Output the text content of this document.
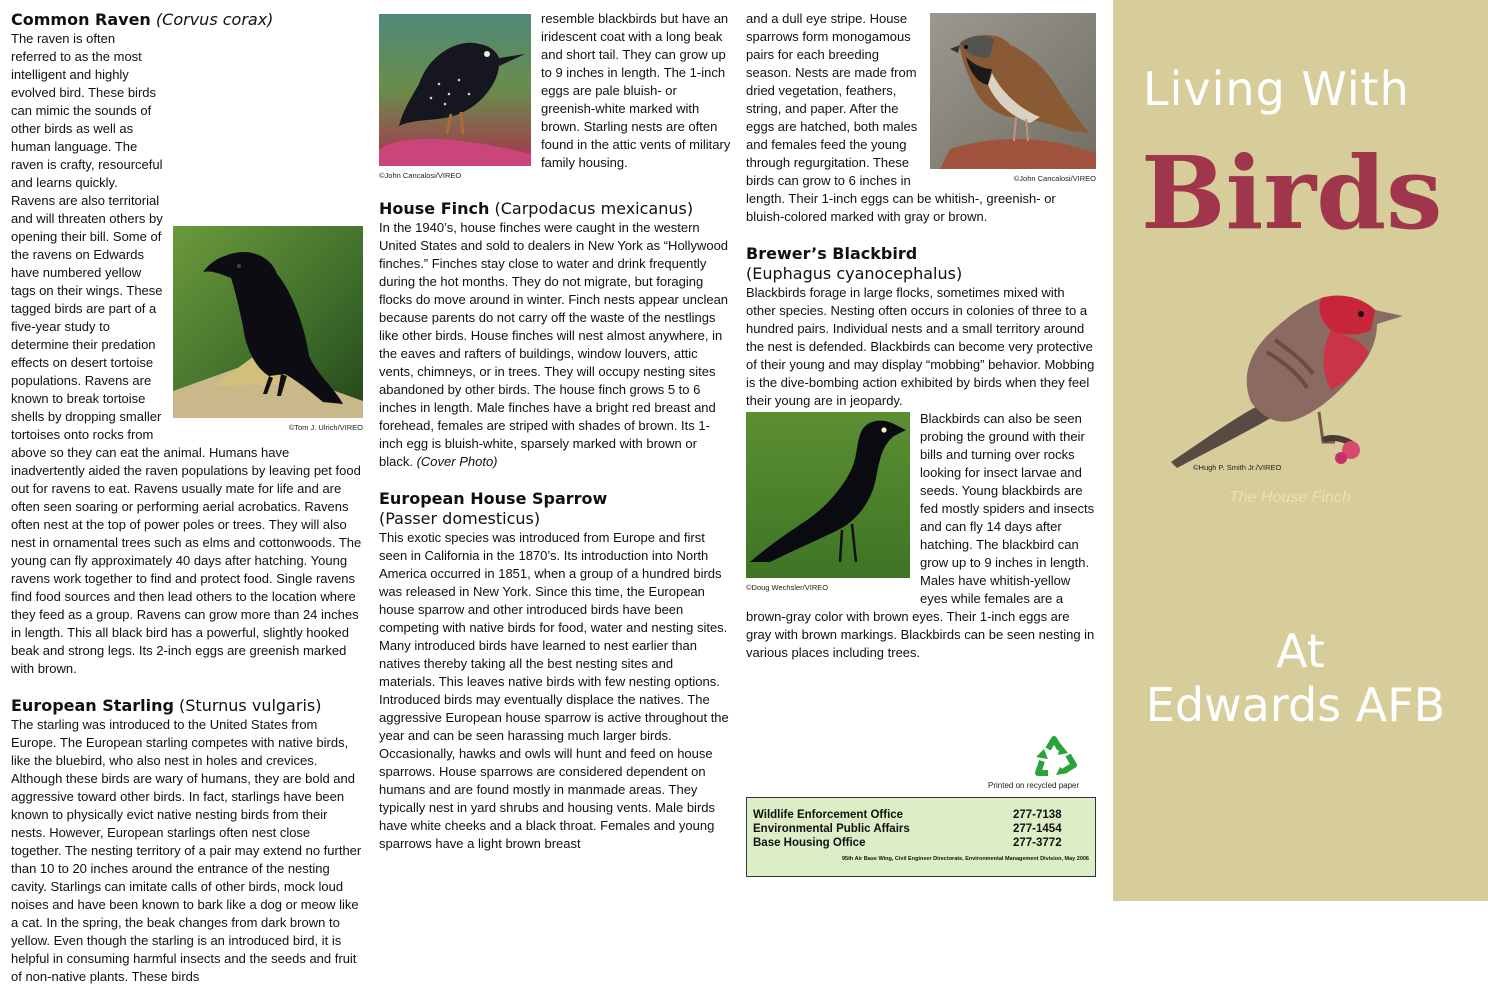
Common Raven (Corvus corax)
©Tom J. Ulrich/VIREO

The raven is often referred to as the most intelligent and highly evolved bird. These birds can mimic the sounds of other birds as well as human language. The raven is crafty, resourceful and learns quickly. Ravens are also territorial and will threaten others by opening their bill. Some of the ravens on Edwards have numbered yellow tags on their wings. These tagged birds are part of a five-year study to determine their predation effects on desert tortoise populations. Ravens are known to break tortoise shells by dropping smaller tortoises onto rocks from above so they can eat the animal. Humans have inadvertently aided the raven populations by leaving pet food out for ravens to eat. Ravens usually mate for life and are often seen soaring or performing aerial acrobatics. Ravens often nest at the top of power poles or trees. They will also nest in ornamental trees such as elms and cottonwoods. The young can fly approximately 40 days after hatching. Young ravens work together to find and protect food. Single ravens find food sources and then lead others to the location where they feed as a group. Ravens can grow more than 24 inches in length. This all black bird has a powerful, slightly hooked beak and strong legs. Its 2-inch eggs are greenish marked with brown.

European Starling (Sturnus vulgaris)

The starling was introduced to the United States from Europe. The European starling competes with native birds, like the bluebird, who also nest in holes and crevices. Although these birds are wary of humans, they are bold and aggressive toward other birds. In fact, starlings have been known to physically evict native nesting birds from their nests. However, European starlings often nest close together. The nesting territory of a pair may extend no further than 10 to 20 inches around the entrance of the nesting cavity. Starlings can imitate calls of other birds, mock loud noises and have been known to bark like a dog or meow like a cat. In the spring, the beak changes from dark brown to yellow. Even though the starling is an introduced bird, it is helpful in consuming harmful insects and the seeds and fruit of non-native plants. These birds

©John Cancalosi/VIREO

resemble blackbirds but have an iridescent coat with a long beak and short tail. They can grow up to 9 inches in length. The 1-inch eggs are pale bluish- or greenish-white marked with brown. Starling nests are often found in the attic vents of military family housing.

House Finch (Carpodacus mexicanus)

In the 1940’s, house finches were caught in the western United States and sold to dealers in New York as “Hollywood finches.” Finches stay close to water and drink frequently during the hot months. They do not migrate, but foraging flocks do move around in winter. Finch nests appear unclean because parents do not carry off the waste of the nestlings like other birds. House finches will nest almost anywhere, in the eaves and rafters of buildings, window louvers, attic vents, chimneys, or in trees. They will occupy nesting sites abandoned by other birds. The house finch grows 5 to 6 inches in length. Male finches have a bright red breast and forehead, females are striped with shades of brown. Its 1-inch egg is bluish-white, sparsely marked with brown or black. (Cover Photo)

European House Sparrow
(Passer domesticus)

This exotic species was introduced from Europe and first seen in California in the 1870’s. Its introduction into North America occurred in 1851, when a group of a hundred birds was released in New York. Since this time, the European house sparrow and other introduced birds have been competing with native birds for food, water and nesting sites. Many introduced birds have learned to nest earlier than natives thereby taking all the best nesting sites and materials. This leaves native birds with few nesting options. Introduced birds may eventually displace the natives. The aggressive European house sparrow is active throughout the year and can be seen harassing much larger birds. Occasionally, hawks and owls will hunt and feed on house sparrows. House sparrows are considered dependent on humans and are found mostly in manmade areas. They typically nest in yard shrubs and housing vents. Male birds have white cheeks and a black throat. Females and young sparrows have a light brown breast

©John Cancalosi/VIREO

and a dull eye stripe. House sparrows form monogamous pairs for each breeding season. Nests are made from dried vegetation, feathers, string, and paper. After the eggs are hatched, both males and females feed the young through regurgitation. These birds can grow to 6 inches in length. Their 1-inch eggs can be whitish-, greenish- or bluish-colored marked with gray or brown.

Brewer’s Blackbird
(Euphagus cyanocephalus)

Blackbirds forage in large flocks, sometimes mixed with other species. Nesting often occurs in colonies of three to a hundred pairs. Individual nests and a small territory around the nest is defended. Blackbirds can become very protective of their young and may display “mobbing” behavior. Mobbing is the dive-bombing action exhibited by birds when they feel their young are in jeopardy.

©Doug Wechsler/VIREO

Blackbirds can also be seen probing the ground with their bills and turning over rocks looking for insect larvae and seeds. Young blackbirds are fed mostly spiders and insects and can fly 14 days after hatching. The blackbird can grow up to 9 inches in length. Males have whitish-yellow eyes while females are a brown-gray color with brown eyes. Their 1-inch eggs are gray with brown markings. Blackbirds can be seen nesting in various places including trees.

Printed on recycled paper
Wildlife Enforcement Office	277-7138
Environmental Public Affairs	277-1454
Base Housing Office	277-3772
95th Air Base Wing, Civil Engineer Directorate, Environmental Management Division, May 2006
Living With
Birds
©Hugh P. Smith Jr./VIREO
The House Finch
At
Edwards AFB
